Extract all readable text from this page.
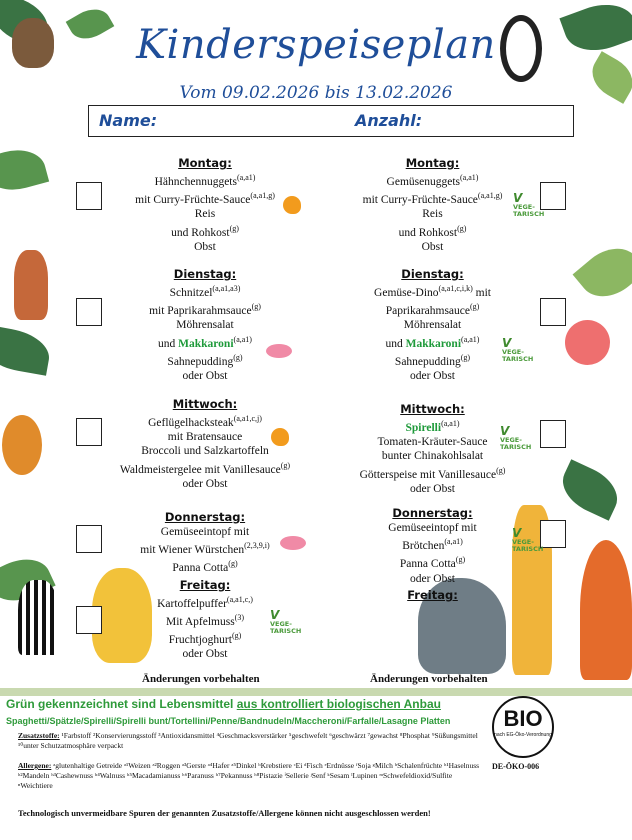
Kinderspeiseplan
Vom 09.02.2026 bis 13.02.2026
Name:	Anzahl:
Montag:
Hähnchennuggets$^{(a,a1)}$
mit Curry-Früchte-Sauce$^{(a,a1,g)}$
Reis
und Rohkost$^{(g)}$
Obst
Dienstag:
Schnitzel$^{(a,a1,a3)}$
mit Paprikarahmsauce$^{(g)}$
Möhrensalat
und Makkaroni$^{(a,a1)}$
Sahnepudding$^{(g)}$
oder Obst
Mittwoch:
Geflügelhacksteak$^{(a,a1,c,j)}$
mit Bratensauce
Broccoli und Salzkartoffeln
Waldmeistergelee mit Vanillesauce$^{(g)}$
oder Obst
Donnerstag:
Gemüseeintopf mit
mit Wiener Würstchen$^{(2,3,9,i)}$
Panna Cotta$^{(g)}$
Freitag:
Kartoffelpuffer$^{(a,a1,c,)}$
Mit Apfelmuss$^{(3)}$
Fruchtjoghurt$^{(g)}$
oder Obst
V
VEGE-
TARISCH
Änderungen vorbehalten
Montag:
Gemüsenuggets$^{(a,a1)}$
mit Curry-Früchte-Sauce$^{(a,a1,g)}$
Reis
und Rohkost$^{(g)}$
Obst
V
VEGE-
TARISCH
Dienstag:
Gemüse-Dino$^{(a,a1,c,i,k)}$ mit
Paprikarahmsauce$^{(g)}$
Möhrensalat
und Makkaroni$^{(a,a1)}$
Sahnepudding$^{(g)}$
oder Obst
V
VEGE-
TARISCH
Mittwoch:
Spirelli$^{(a,a1)}$
Tomaten-Kräuter-Sauce
bunter Chinakohlsalat
Götterspeise mit Vanillesauce$^{(g)}$
oder Obst
V
VEGE-
TARISCH
Donnerstag:
Gemüseeintopf mit
Brötchen$^{(a,a1)}$
Panna Cotta$^{(g)}$
oder Obst
V
VEGE-
TARISCH
Freitag:
Änderungen vorbehalten
Grün gekennzeichnet sind Lebensmittel aus kontrolliert biologischen Anbau
Spaghetti/Spätzle/Spirelli/Spirelli bunt/Tortellini/Penne/Bandnudeln/Maccheroni/Farfalle/Lasagne Platten
Zusatzstoffe: ¹Farbstoff ²Konservierungsstoff ³Antioxidansmittel ⁴Geschmacksverstärker ⁵geschwefelt ⁶geschwärzt ⁷gewachst ⁸Phosphat ⁹Süßungsmittel ¹⁰unter Schutzatmosphäre verpackt
Allergene: ᵃglutenhaltige Getreide ᵃ¹Weizen ᵃ²Roggen ᵃ³Gerste ᵃ⁴Hafer ᵃ⁵Dinkel ᵇKrebstiere ᶜEi ᵈFisch ᵉErdnüsse ᶠSoja ᵍMilch ʰSchalenfrüchte ʰ¹Haselnuss ʰ²Mandeln ʰ³Cashewnuss ʰ⁴Walnuss ʰ⁵Macadamianuss ʰ⁶Paranuss ʰ⁷Pekannuss ʰ⁸Pistazie ⁱSellerie ʲSenf ᵏSesam ˡLupinen ᵐSchwefeldioxid/Sulfite ⁿWeichtiere
BIO
nach EG-Öko-Verordnung
DE-ÖKO-006
Technologisch unvermeidbare Spuren der genannten Zusatzstoffe/Allergene können nicht ausgeschlossen werden!
